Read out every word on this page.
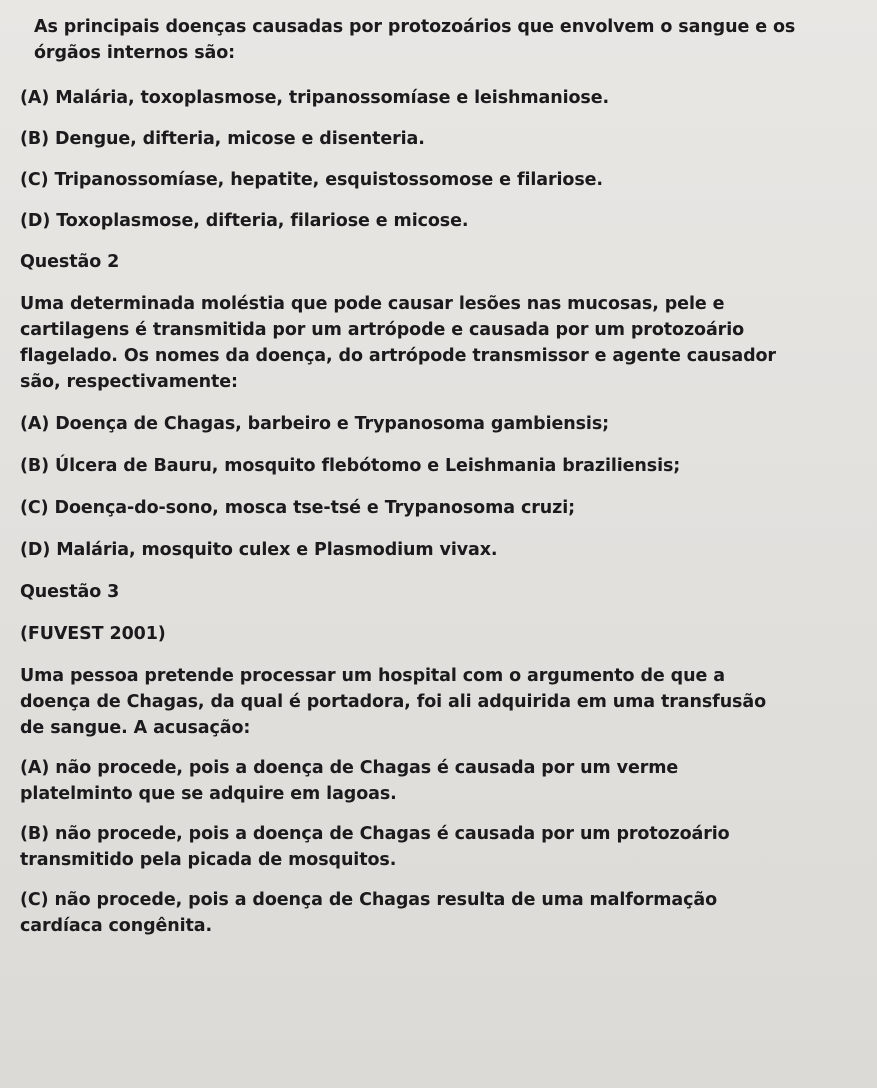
As principais doenças causadas por protozoários que envolvem o sangue e os
órgãos internos são:
(A) Malária, toxoplasmose, tripanossomíase e leishmaniose.
(B) Dengue, difteria, micose e disenteria.
(C) Tripanossomíase, hepatite, esquistossomose e filariose.
(D) Toxoplasmose, difteria, filariose e micose.
Questão 2
Uma determinada moléstia que pode causar lesões nas mucosas, pele e
cartilagens é transmitida por um artrópode e causada por um protozoário
flagelado. Os nomes da doença, do artrópode transmissor e agente causador
são, respectivamente:
(A) Doença de Chagas, barbeiro e Trypanosoma gambiensis;
(B) Úlcera de Bauru, mosquito flebótomo e Leishmania braziliensis;
(C) Doença-do-sono, mosca tse-tsé e Trypanosoma cruzi;
(D) Malária, mosquito culex e Plasmodium vivax.
Questão 3
(FUVEST 2001)
Uma pessoa pretende processar um hospital com o argumento de que a
doença de Chagas, da qual é portadora, foi ali adquirida em uma transfusão
de sangue. A acusação:
(A) não procede, pois a doença de Chagas é causada por um verme
platelminto que se adquire em lagoas.
(B) não procede, pois a doença de Chagas é causada por um protozoário
transmitido pela picada de mosquitos.
(C) não procede, pois a doença de Chagas resulta de uma malformação
cardíaca congênita.
